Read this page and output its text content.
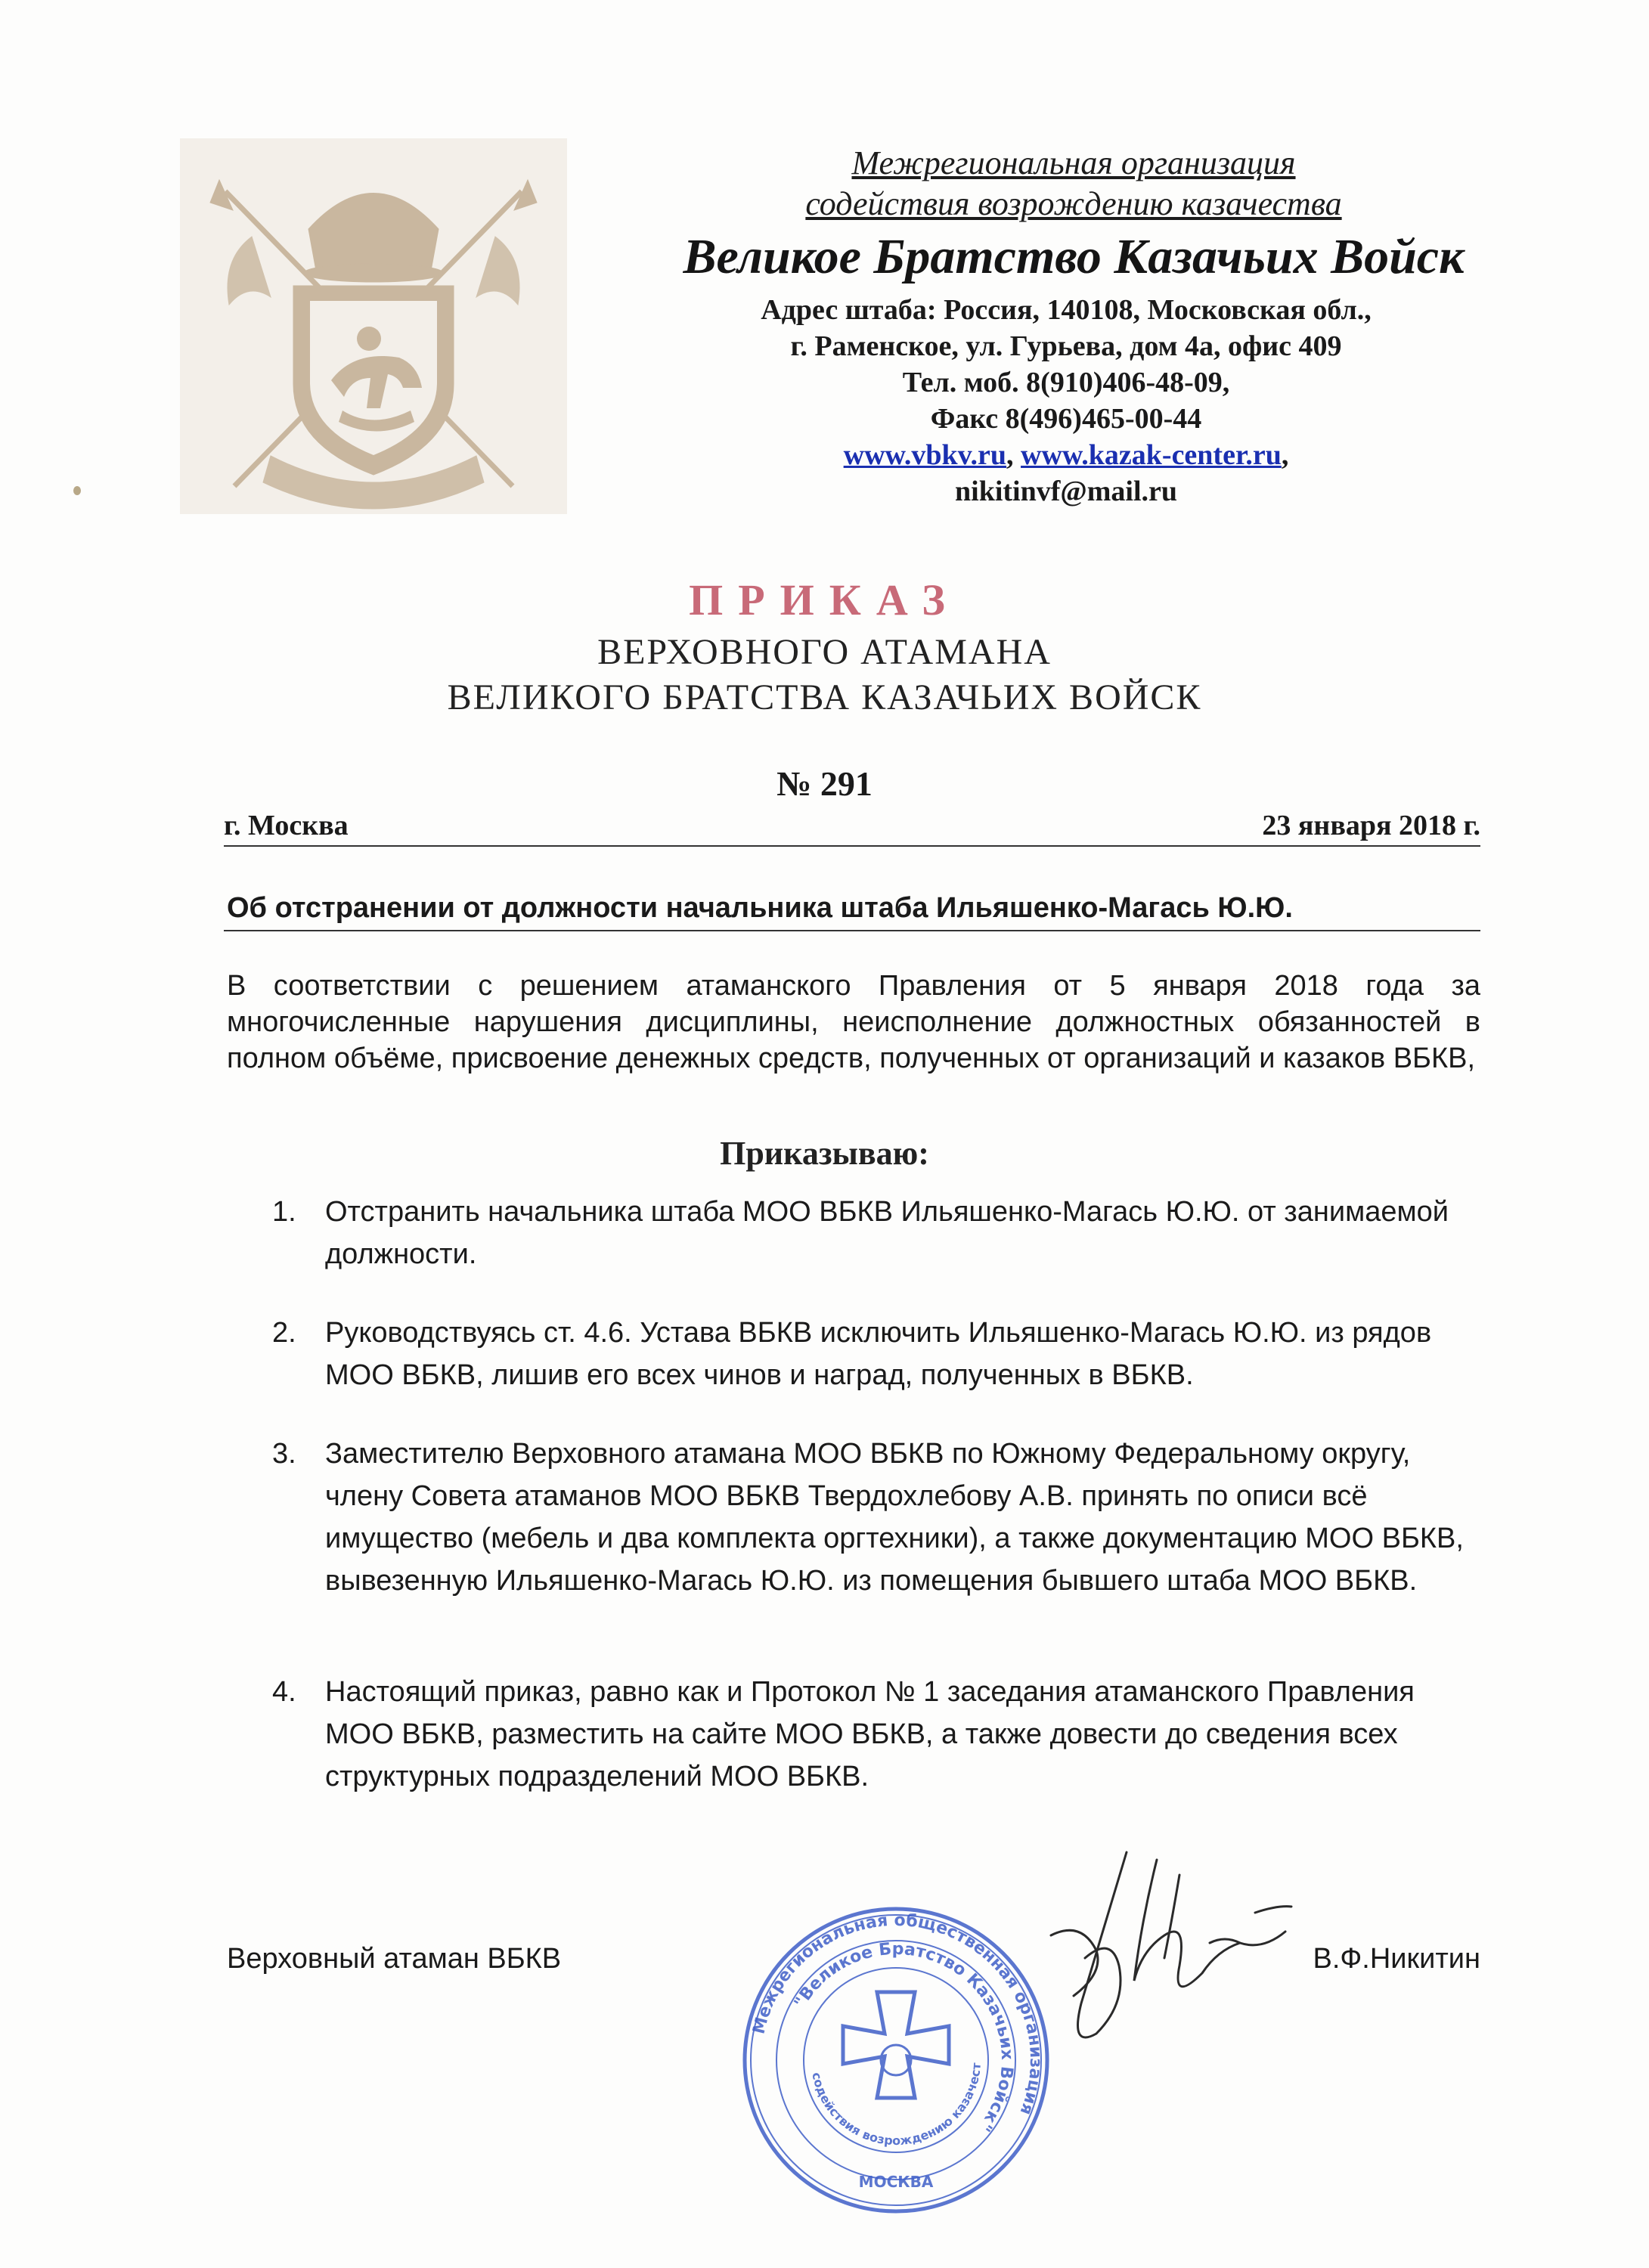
Межрегиональная организация
содействия возрождению казачества
Великое Братство Казачьих Войск
Адрес штаба: Россия, 140108, Московская обл.,
г. Раменское, ул. Гурьева, дом 4а, офис 409
Тел. моб. 8(910)406-48-09,
Факс 8(496)465-00-44
www.vbkv.ru, www.kazak-center.ru,
nikitinvf@mail.ru
ПРИКАЗ
ВЕРХОВНОГО АТАМАНА
ВЕЛИКОГО БРАТСТВА КАЗАЧЬИХ ВОЙСК
№ 291
г. Москва	23 января 2018 г.
Об отстранении от должности начальника штаба Ильяшенко-Магась Ю.Ю.
В соответствии с решением атаманского Правления от 5 января 2018 года за многочисленные нарушения дисциплины, неисполнение должностных обязанностей в полном объёме, присвоение денежных средств, полученных от организаций и казаков ВБКВ,
Приказываю:
1. Отстранить начальника штаба МОО ВБКВ Ильяшенко-Магась Ю.Ю. от занимаемой должности.
2. Руководствуясь ст. 4.6. Устава ВБКВ исключить Ильяшенко-Магась Ю.Ю. из рядов МОО ВБКВ, лишив его всех чинов и наград, полученных в ВБКВ.
3. Заместителю Верховного атамана МОО ВБКВ по Южному Федеральному округу, члену Совета атаманов МОО ВБКВ Твердохлебову А.В. принять по описи всё имущество (мебель и два комплекта оргтехники), а также документацию МОО ВБКВ, вывезенную Ильяшенко-Магась Ю.Ю. из помещения бывшего штаба МОО ВБКВ.
4. Настоящий приказ, равно как и Протокол № 1 заседания атаманского Правления МОО ВБКВ, разместить на сайте МОО ВБКВ, а также довести до сведения всех структурных подразделений МОО ВБКВ.
Верховный атаман ВБКВ	В.Ф.Никитин
Межрегиональная общественная организация
"Великое Братство Казачьих Войск"
содействия возрождению казачест
МОСКВА
